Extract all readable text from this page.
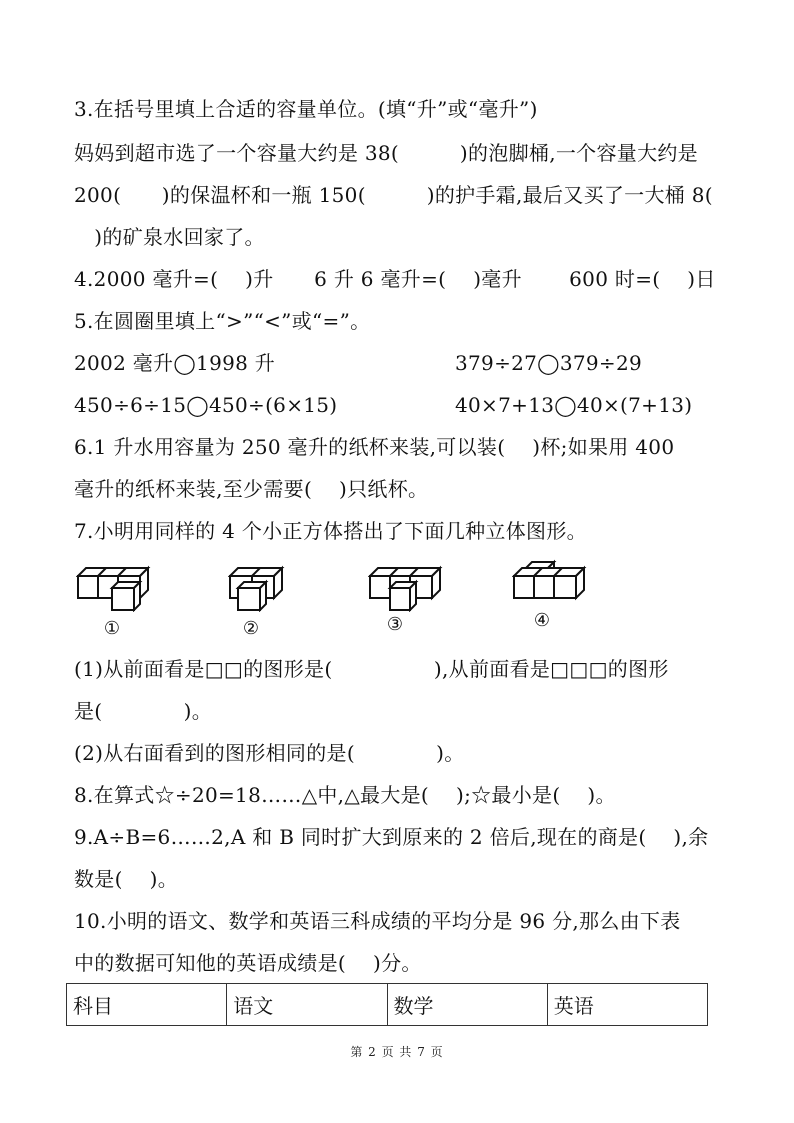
3.在括号里填上合适的容量单位。(填“升”或“毫升”)
妈妈到超市选了一个容量大约是 38(　　　)的泡脚桶,一个容量大约是
200(　　)的保温杯和一瓶 150(　　　)的护手霜,最后又买了一大桶 8(
　)的矿泉水回家了。
4.2000 毫升=(　 )升　　6 升 6 毫升=(　 )毫升　　 600 时=(　 )日
5.在圆圈里填上“>”“<”或“=”。
2002 毫升◯1998 升	379÷27◯379÷29
450÷6÷15◯450÷(6×15)	40×7+13◯40×(7+13)
6.1 升水用容量为 250 毫升的纸杯来装,可以装(　 )杯;如果用 400
毫升的纸杯来装,至少需要(　 )只纸杯。
7.小明用同样的 4 个小正方体搭出了下面几种立体图形。
①	②	③	④
(1)从前面看是□□的图形是(　　　　　),从前面看是□□□的图形
是(　　　　)。
(2)从右面看到的图形相同的是(　　　　)。
8.在算式☆÷20=18……△中,△最大是(　 );☆最小是(　 )。
9.A÷B=6……2,A 和 B 同时扩大到原来的 2 倍后,现在的商是(　 ),余
数是(　 )。
10.小明的语文、数学和英语三科成绩的平均分是 96 分,那么由下表
中的数据可知他的英语成绩是(　 )分。
科目	语文	数学	英语
第 2 页 共 7 页
